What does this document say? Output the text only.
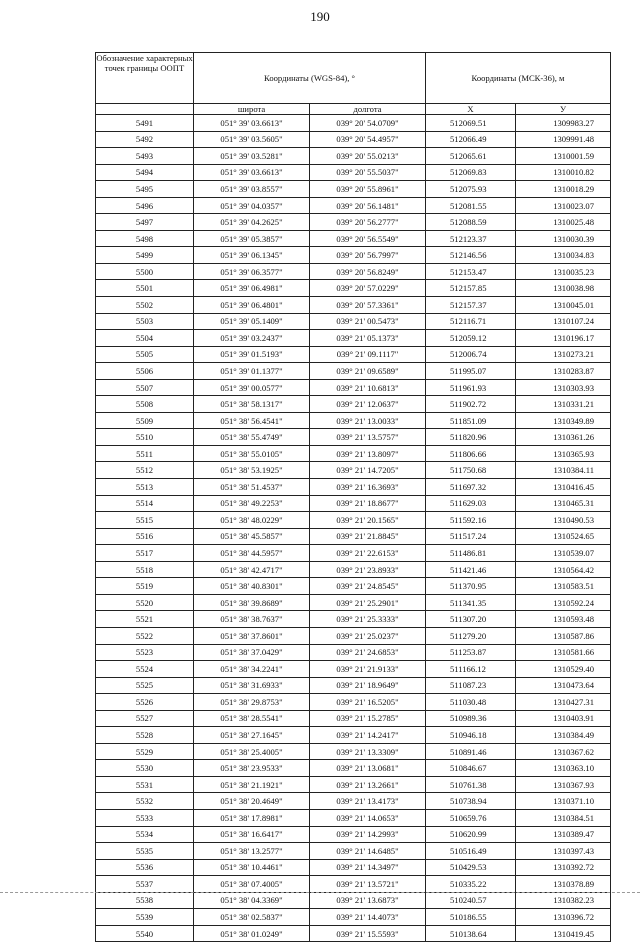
190
Обозначение характерных точек границы ООПТ	Координаты (WGS-84), °		Координаты (МСК-36), м	

	широта	долгота	X	У
5491	051° 39' 03.6613"	039° 20' 54.0709"	512069.51	1309983.27
5492	051° 39' 03.5605"	039° 20' 54.4957"	512066.49	1309991.48
5493	051° 39' 03.5281"	039° 20' 55.0213"	512065.61	1310001.59
5494	051° 39' 03.6613"	039° 20' 55.5037"	512069.83	1310010.82
5495	051° 39' 03.8557"	039° 20' 55.8961"	512075.93	1310018.29
5496	051° 39' 04.0357"	039° 20' 56.1481"	512081.55	1310023.07
5497	051° 39' 04.2625"	039° 20' 56.2777"	512088.59	1310025.48
5498	051° 39' 05.3857"	039° 20' 56.5549"	512123.37	1310030.39
5499	051° 39' 06.1345"	039° 20' 56.7997"	512146.56	1310034.83
5500	051° 39' 06.3577"	039° 20' 56.8249"	512153.47	1310035.23
5501	051° 39' 06.4981"	039° 20' 57.0229"	512157.85	1310038.98
5502	051° 39' 06.4801"	039° 20' 57.3361"	512157.37	1310045.01
5503	051° 39' 05.1409"	039° 21' 00.5473"	512116.71	1310107.24
5504	051° 39' 03.2437"	039° 21' 05.1373"	512059.12	1310196.17
5505	051° 39' 01.5193"	039° 21' 09.1117"	512006.74	1310273.21
5506	051° 39' 01.1377"	039° 21' 09.6589"	511995.07	1310283.87
5507	051° 39' 00.0577"	039° 21' 10.6813"	511961.93	1310303.93
5508	051° 38' 58.1317"	039° 21' 12.0637"	511902.72	1310331.21
5509	051° 38' 56.4541"	039° 21' 13.0033"	511851.09	1310349.89
5510	051° 38' 55.4749"	039° 21' 13.5757"	511820.96	1310361.26
5511	051° 38' 55.0105"	039° 21' 13.8097"	511806.66	1310365.93
5512	051° 38' 53.1925"	039° 21' 14.7205"	511750.68	1310384.11
5513	051° 38' 51.4537"	039° 21' 16.3693"	511697.32	1310416.45
5514	051° 38' 49.2253"	039° 21' 18.8677"	511629.03	1310465.31
5515	051° 38' 48.0229"	039° 21' 20.1565"	511592.16	1310490.53
5516	051° 38' 45.5857"	039° 21' 21.8845"	511517.24	1310524.65
5517	051° 38' 44.5957"	039° 21' 22.6153"	511486.81	1310539.07
5518	051° 38' 42.4717"	039° 21' 23.8933"	511421.46	1310564.42
5519	051° 38' 40.8301"	039° 21' 24.8545"	511370.95	1310583.51
5520	051° 38' 39.8689"	039° 21' 25.2901"	511341.35	1310592.24
5521	051° 38' 38.7637"	039° 21' 25.3333"	511307.20	1310593.48
5522	051° 38' 37.8601"	039° 21' 25.0237"	511279.20	1310587.86
5523	051° 38' 37.0429"	039° 21' 24.6853"	511253.87	1310581.66
5524	051° 38' 34.2241"	039° 21' 21.9133"	511166.12	1310529.40
5525	051° 38' 31.6933"	039° 21' 18.9649"	511087.23	1310473.64
5526	051° 38' 29.8753"	039° 21' 16.5205"	511030.48	1310427.31
5527	051° 38' 28.5541"	039° 21' 15.2785"	510989.36	1310403.91
5528	051° 38' 27.1645"	039° 21' 14.2417"	510946.18	1310384.49
5529	051° 38' 25.4005"	039° 21' 13.3309"	510891.46	1310367.62
5530	051° 38' 23.9533"	039° 21' 13.0681"	510846.67	1310363.10
5531	051° 38' 21.1921"	039° 21' 13.2661"	510761.38	1310367.93
5532	051° 38' 20.4649"	039° 21' 13.4173"	510738.94	1310371.10
5533	051° 38' 17.8981"	039° 21' 14.0653"	510659.76	1310384.51
5534	051° 38' 16.6417"	039° 21' 14.2993"	510620.99	1310389.47
5535	051° 38' 13.2577"	039° 21' 14.6485"	510516.49	1310397.43
5536	051° 38' 10.4461"	039° 21' 14.3497"	510429.53	1310392.72
5537	051° 38' 07.4005"	039° 21' 13.5721"	510335.22	1310378.89
5538	051° 38' 04.3369"	039° 21' 13.6873"	510240.57	1310382.23
5539	051° 38' 02.5837"	039° 21' 14.4073"	510186.55	1310396.72
5540	051° 38' 01.0249"	039° 21' 15.5593"	510138.64	1310419.45
